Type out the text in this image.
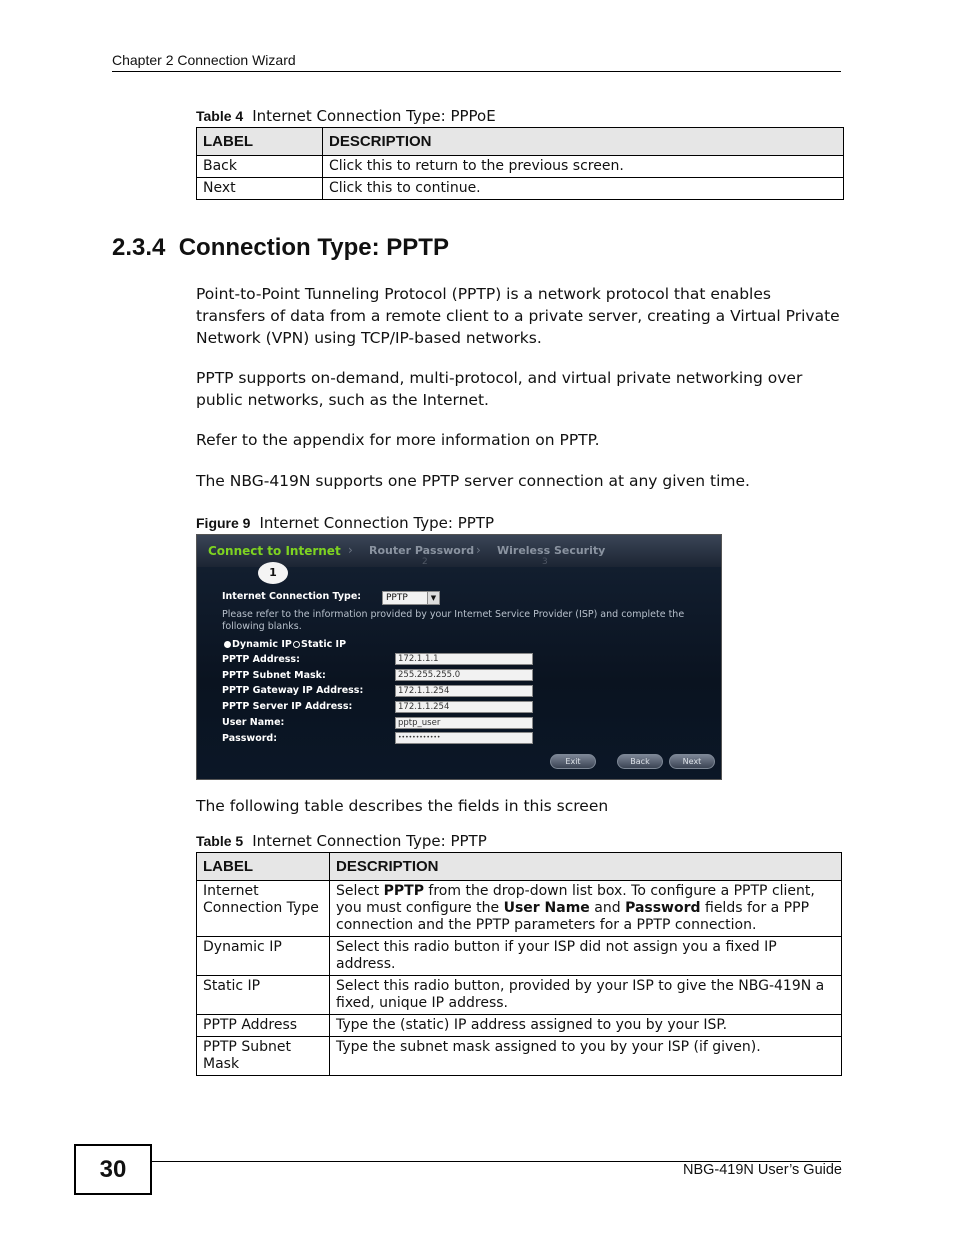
Chapter 2 Connection Wizard
Table 4 Internet Connection Type: PPPoE
LABEL	DESCRIPTION
Back	Click this to return to the previous screen.
Next	Click this to continue.
2.3.4  Connection Type: PPTP
Point-to-Point Tunneling Protocol (PPTP) is a network protocol that enables transfers of data from a remote client to a private server, creating a Virtual Private Network (VPN) using TCP/IP-based networks.
PPTP supports on-demand, multi-protocol, and virtual private networking over public networks, such as the Internet.
Refer to the appendix for more information on PPTP.
The NBG-419N supports one PPTP server connection at any given time.
Figure 9 Internet Connection Type: PPTP
Connect to Internet › Router Password › Wireless Security
1
2	3
Internet Connection Type:	PPTP	▼
Please refer to the information provided by your Internet Service Provider (ISP) and complete the following blanks.
Dynamic IP Static IP
PPTP Address:	172.1.1.1
PPTP Subnet Mask:	255.255.255.0
PPTP Gateway IP Address:	172.1.1.254
PPTP Server IP Address:	172.1.1.254
User Name:	pptp_user
Password:	••••••••••••
Exit	Back	Next
The following table describes the fields in this screen
Table 5 Internet Connection Type: PPTP
LABEL	DESCRIPTION
Internet Connection Type	Select PPTP from the drop-down list box. To configure a PPTP client, you must configure the User Name and Password fields for a PPP connection and the PPTP parameters for a PPTP connection.
Dynamic IP	Select this radio button if your ISP did not assign you a fixed IP address.
Static IP	Select this radio button, provided by your ISP to give the NBG-419N a fixed, unique IP address.
PPTP Address	Type the (static) IP address assigned to you by your ISP.
PPTP Subnet Mask	Type the subnet mask assigned to you by your ISP (if given).
30	NBG-419N User’s Guide
